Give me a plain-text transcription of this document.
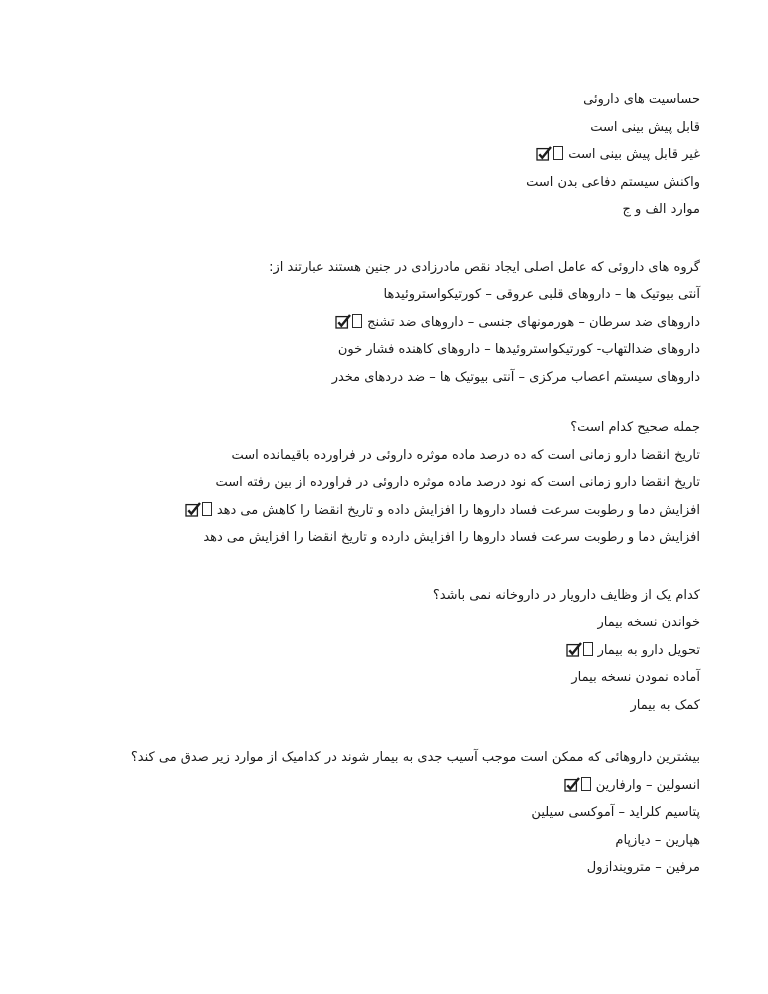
حساسیت های داروئی
قابل پیش بینی است
غیر قابل پیش بینی است
واکنش سیستم دفاعی بدن است
موارد الف و ج
گروه های داروئی که عامل اصلی ایجاد نقص مادرزادی در جنین هستند عبارتند از:
آنتی بیوتیک ها – داروهای قلبی عروقی – کورتیکواستروئیدها
داروهای ضد سرطان – هورمونهای جنسی – داروهای ضد تشنج
داروهای ضدالتهاب- کورتیکواستروئیدها – داروهای کاهنده فشار خون
داروهای سیستم اعصاب مرکزی – آنتی بیوتیک ها – ضد دردهای مخدر
جمله صحیح کدام است؟
تاریخ انقضا دارو زمانی است که ده درصد ماده موثره داروئی در فراورده باقیمانده است
تاریخ انقضا دارو زمانی است که نود درصد ماده موثره داروئی در فراورده از بین رفته است
افزایش دما و رطوبت سرعت فساد داروها را افزایش داده و تاریخ انقضا را کاهش می دهد
افزایش دما و رطوبت سرعت فساد داروها را افزایش دارده و تاریخ انقضا را افزایش می دهد
کدام یک از وظایف دارویار در داروخانه نمی باشد؟
خواندن نسخه بیمار
تحویل دارو به بیمار
آماده نمودن نسخه بیمار
کمک به بیمار
بیشترین داروهائی که ممکن است موجب آسیب جدی به بیمار شوند در کدامیک از موارد زیر صدق می کند؟
انسولین – وارفارین
پتاسیم کلراید – آموکسی سیلین
هپارین – دیازپام
مرفین – مترویندازول
